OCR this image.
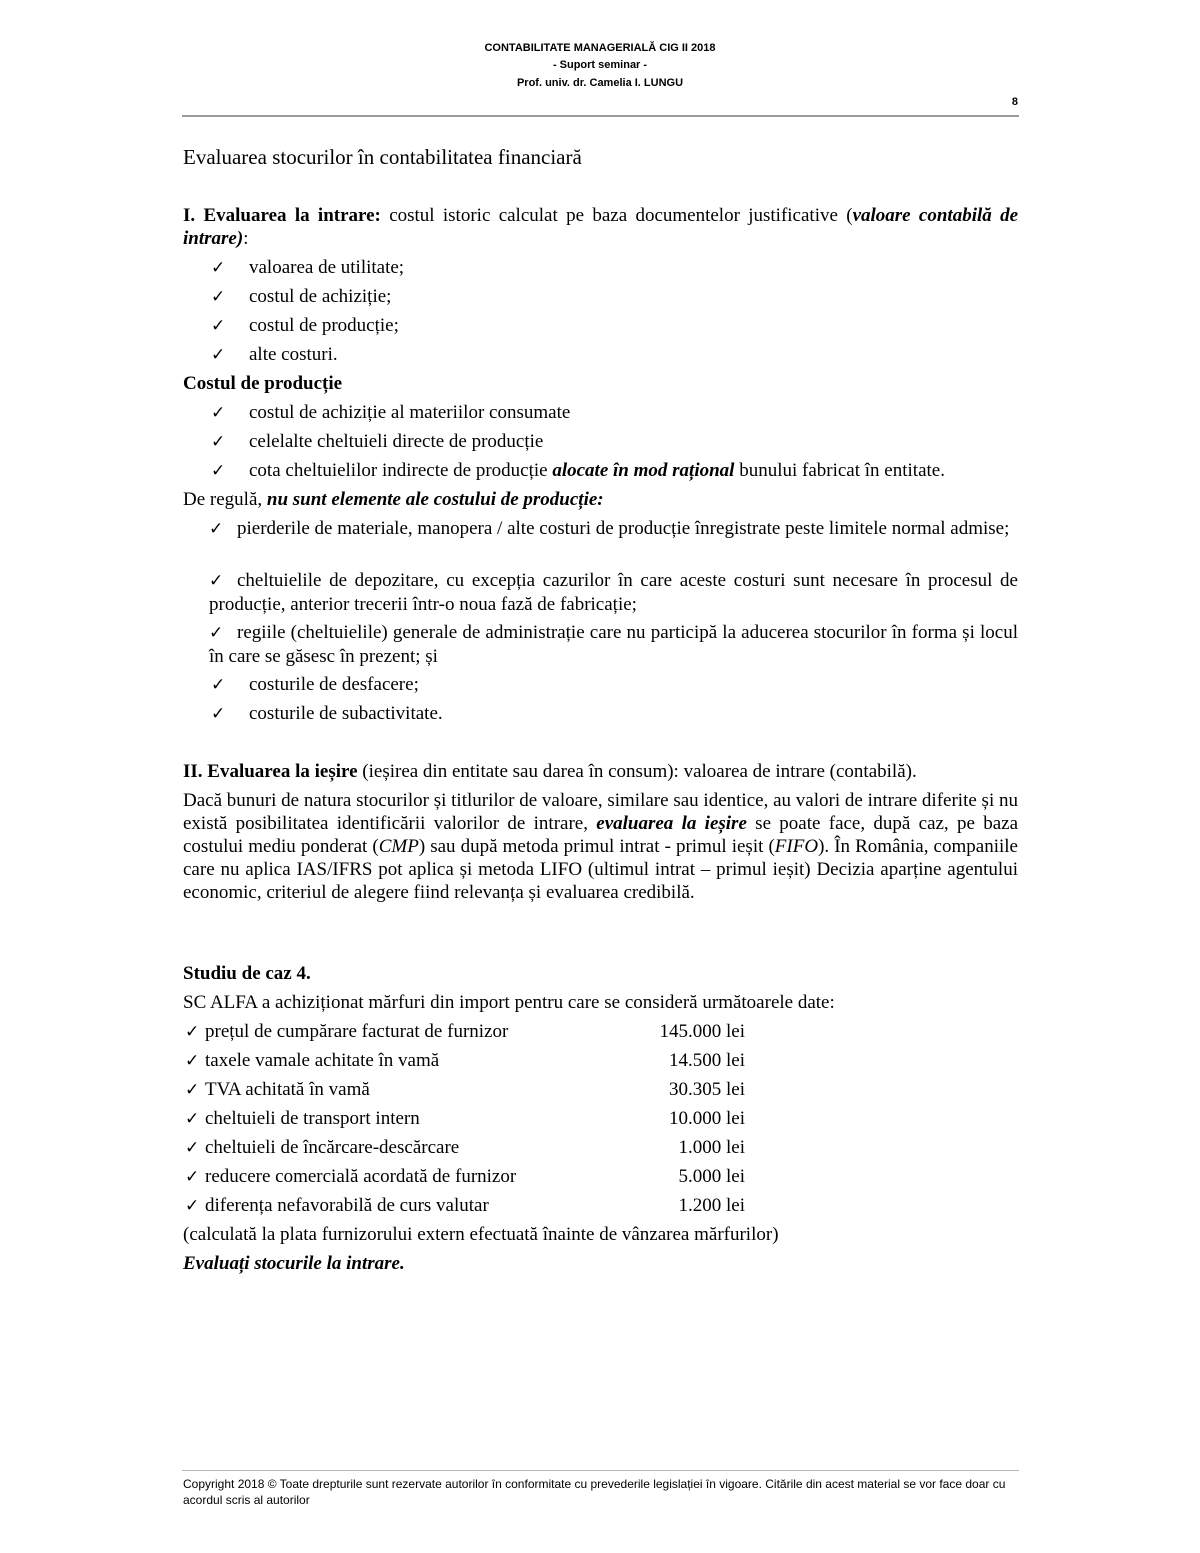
CONTABILITATE MANAGERIALĂ CIG II 2018
- Suport seminar -
Prof. univ. dr. Camelia I. LUNGU
8
Evaluarea stocurilor în contabilitatea financiară
I. Evaluarea la intrare: costul istoric calculat pe baza documentelor justificative (valoare contabilă de intrare):
✓ valoarea de utilitate;
✓ costul de achiziție;
✓ costul de producție;
✓ alte costuri.
Costul de producție
✓ costul de achiziție al materiilor consumate
✓ celelalte cheltuieli directe de producție
✓ cota cheltuielilor indirecte de producție alocate în mod rațional bunului fabricat în entitate.
De regulă, nu sunt elemente ale costului de producție:
✓ pierderile de materiale, manopera / alte costuri de producție înregistrate peste limitele normal admise;
✓ cheltuielile de depozitare, cu excepția cazurilor în care aceste costuri sunt necesare în procesul de producție, anterior trecerii într-o noua fază de fabricație;
✓ regiile (cheltuielile) generale de administrație care nu participă la aducerea stocurilor în forma și locul în care se găsesc în prezent; și
✓ costurile de desfacere;
✓ costurile de subactivitate.
II. Evaluarea la ieșire (ieșirea din entitate sau darea în consum): valoarea de intrare (contabilă).
Dacă bunuri de natura stocurilor și titlurilor de valoare, similare sau identice, au valori de intrare diferite și nu există posibilitatea identificării valorilor de intrare, evaluarea la ieșire se poate face, după caz, pe baza costului mediu ponderat (CMP) sau după metoda primul intrat - primul ieșit (FIFO). În România, companiile care nu aplica IAS/IFRS pot aplica și metoda LIFO (ultimul intrat – primul ieșit) Decizia aparține agentului economic, criteriul de alegere fiind relevanța și evaluarea credibilă.
Studiu de caz 4.
SC ALFA a achiziționat mărfuri din import pentru care se consideră următoarele date:
✓ prețul de cumpărare facturat de furnizor	145.000 lei
✓ taxele vamale achitate în vamă	14.500 lei
✓ TVA achitată în vamă	30.305 lei
✓ cheltuieli de transport intern	10.000 lei
✓ cheltuieli de încărcare-descărcare	1.000 lei
✓ reducere comercială acordată de furnizor	5.000 lei
✓ diferența nefavorabilă de curs valutar	1.200 lei
(calculată la plata furnizorului extern efectuată înainte de vânzarea mărfurilor)
Evaluați stocurile la intrare.
Copyright 2018 © Toate drepturile sunt rezervate autorilor în conformitate cu prevederile legislației în vigoare. Citările din acest material se vor face doar cu acordul scris al autorilor
